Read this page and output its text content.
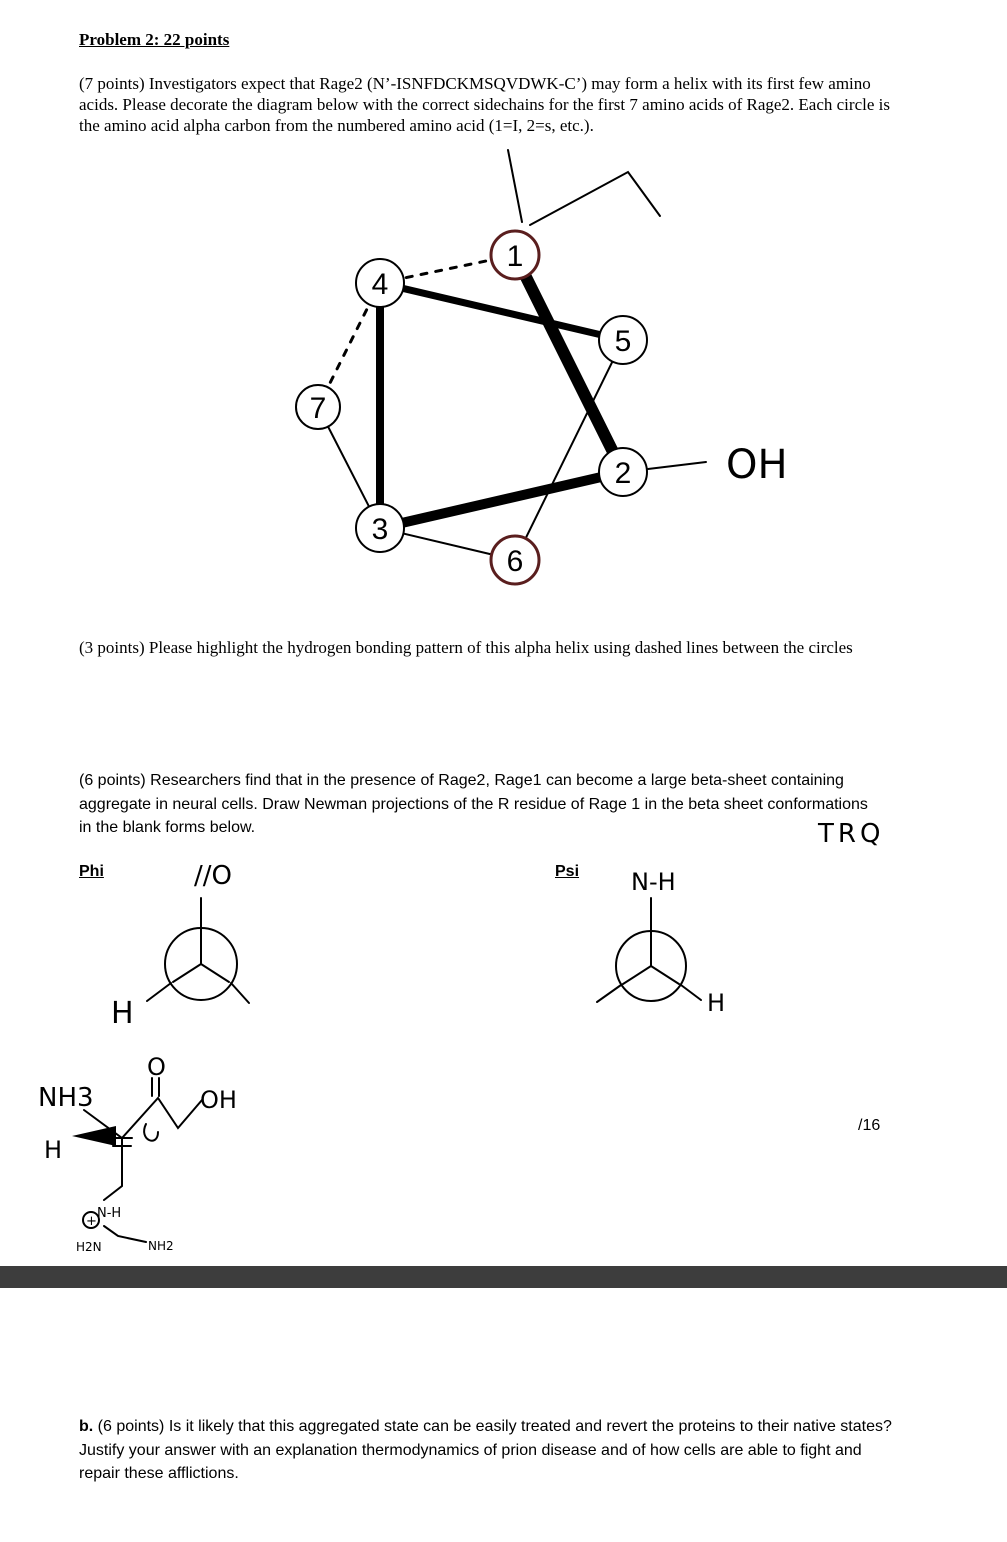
Problem 2: 22 points
(7 points) Investigators expect that Rage2 (N’-ISNFDCKMSQVDWK-C’) may form a helix with its first few amino acids. Please decorate the diagram below with the correct sidechains for the first 7 amino acids of Rage2. Each circle is the amino acid alpha carbon from the numbered amino acid (1=I, 2=s, etc.).
OH
1
2
3
4
5
6
7
//O
H
N-H
H
NH3
H
O
OH
N-H
+
H2N	NH2
TRQ
(3 points) Please highlight the hydrogen bonding pattern of this alpha helix using dashed lines between the circles
(6 points) Researchers find that in the presence of Rage2, Rage1 can become a large beta-sheet containing aggregate in neural cells. Draw Newman projections of the R residue of Rage 1 in the beta sheet conformations in the blank forms below.
Phi	Psi
/16
b. (6 points) Is it likely that this aggregated state can be easily treated and revert the proteins to their native states? Justify your answer with an explanation thermodynamics of prion disease and of how cells are able to fight and repair these afflictions.
